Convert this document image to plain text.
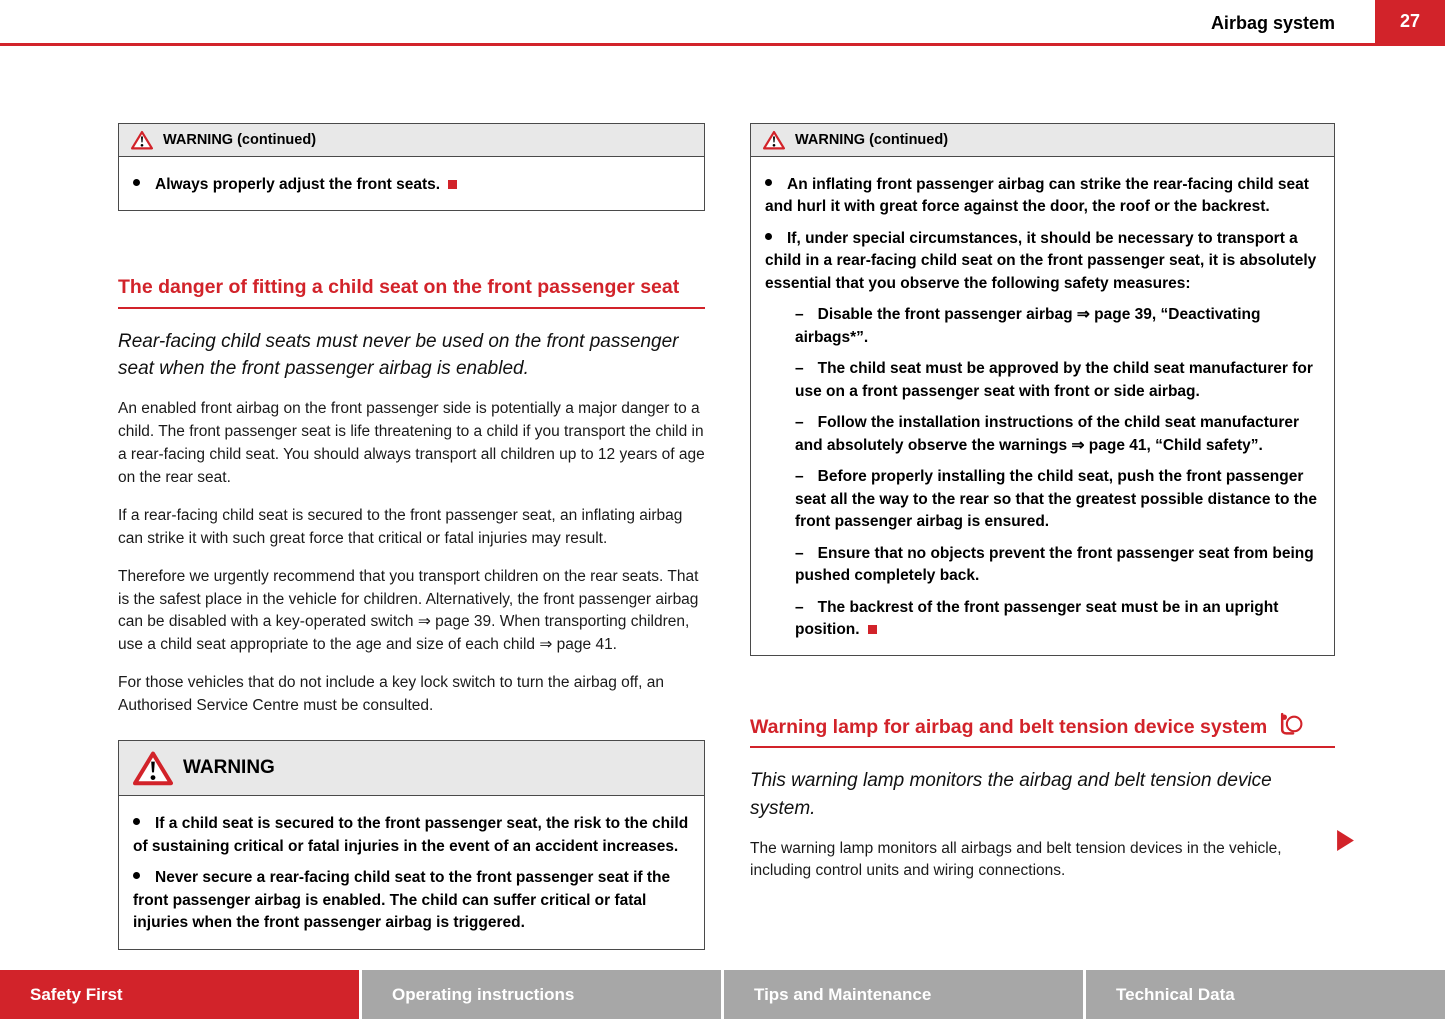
Airbag system	27
WARNING (continued)
Always properly adjust the front seats.
The danger of fitting a child seat on the front passenger seat

Rear-facing child seats must never be used on the front passenger seat when the front passenger airbag is enabled.

An enabled front airbag on the front passenger side is potentially a major danger to a child. The front passenger seat is life threatening to a child if you transport the child in a rear-facing child seat. You should always transport all children up to 12 years of age on the rear seat.

If a rear-facing child seat is secured to the front passenger seat, an inflating airbag can strike it with such great force that critical or fatal injuries may result.

Therefore we urgently recommend that you transport children on the rear seats. That is the safest place in the vehicle for children. Alternatively, the front passenger airbag can be disabled with a key-operated switch ⇒ page 39. When transporting children, use a child seat appropriate to the age and size of each child ⇒ page 41.

For those vehicles that do not include a key lock switch to turn the airbag off, an Authorised Service Centre must be consulted.

WARNING
If a child seat is secured to the front passenger seat, the risk to the child of sustaining critical or fatal injuries in the event of an accident increases.
Never secure a rear-facing child seat to the front passenger seat if the front passenger airbag is enabled. The child can suffer critical or fatal injuries when the front passenger airbag is triggered.
WARNING (continued)
An inflating front passenger airbag can strike the rear-facing child seat and hurl it with great force against the door, the roof or the backrest.
If, under special circumstances, it should be necessary to transport a child in a rear-facing child seat on the front passenger seat, it is absolutely essential that you observe the following safety measures:
– Disable the front passenger airbag ⇒ page 39, “Deactivating airbags*”.
– The child seat must be approved by the child seat manufacturer for use on a front passenger seat with front or side airbag.
– Follow the installation instructions of the child seat manufacturer and absolutely observe the warnings ⇒ page 41, “Child safety”.
– Before properly installing the child seat, push the front passenger seat all the way to the rear so that the greatest possible distance to the front passenger airbag is ensured.
– Ensure that no objects prevent the front passenger seat from being pushed completely back.
– The backrest of the front passenger seat must be in an upright position.
Warning lamp for airbag and belt tension device system

This warning lamp monitors the airbag and belt tension device system.

The warning lamp monitors all airbags and belt tension devices in the vehicle, including control units and wiring connections.

Safety First	Operating instructions	Tips and Maintenance	Technical Data
